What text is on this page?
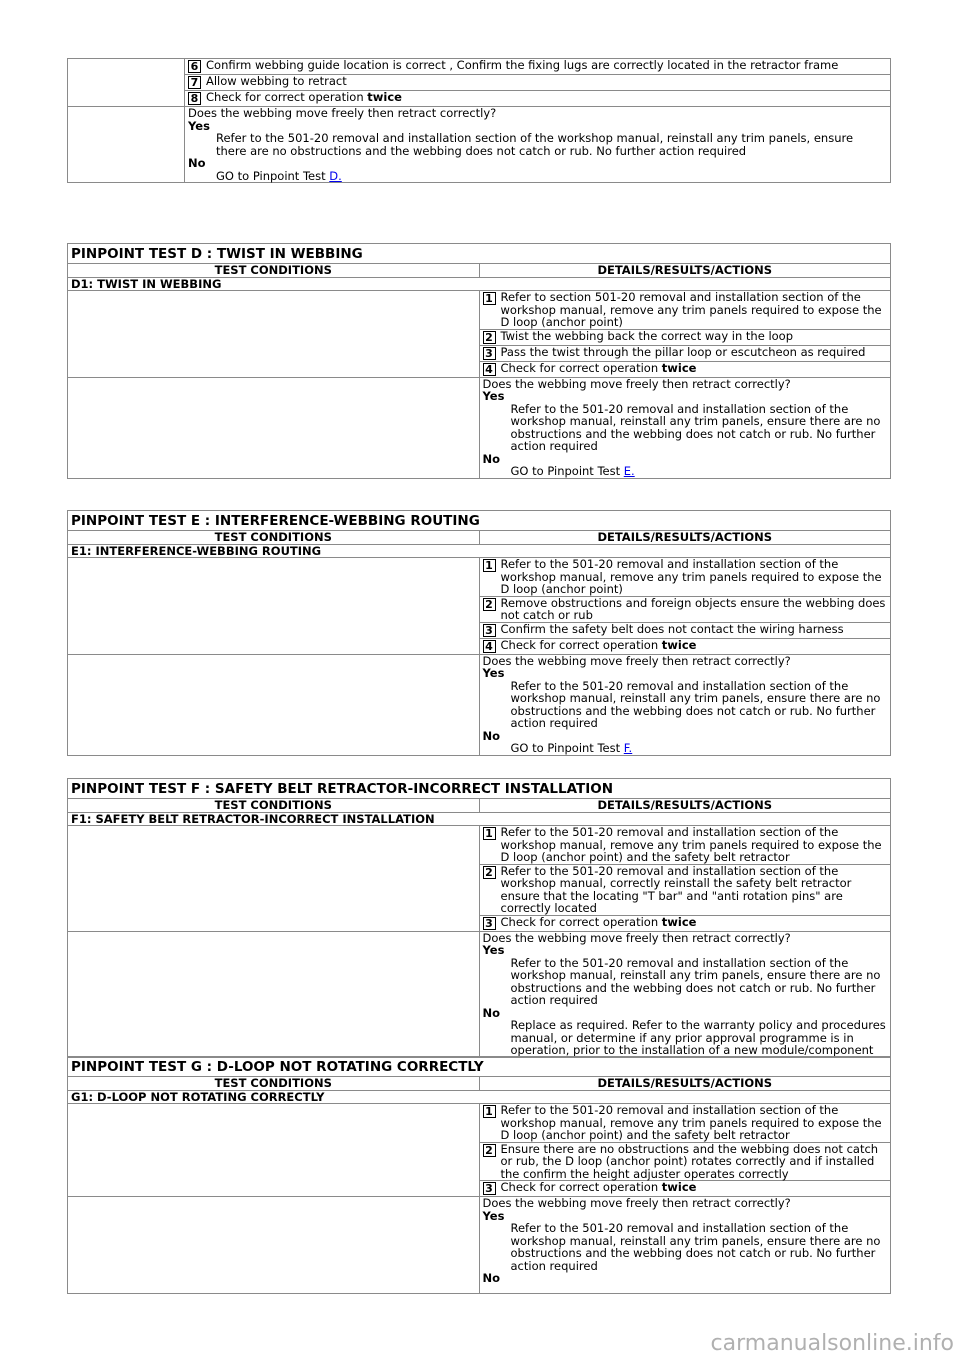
	6 Confirm webbing guide location is correct , Confirm the fixing lugs are correctly located in the retractor frame

	7 Allow webbing to retract

	8 Check for correct operation twice

	Does the webbing move freely then retract correctly?
Yes
Refer to the 501-20 removal and installation section of the workshop manual, reinstall any trim panels, ensure there are no obstructions and the webbing does not catch or rub. No further action required
No
GO to Pinpoint Test D.
PINPOINT TEST D : TWIST IN WEBBING	
TEST CONDITIONS	DETAILS/RESULTS/ACTIONS
D1: TWIST IN WEBBING	

	1 Refer to section 501-20 removal and installation section of the workshop manual, remove any trim panels required to expose the D loop (anchor point)

	2 Twist the webbing back the correct way in the loop

	3 Pass the twist through the pillar loop or escutcheon as required

	4 Check for correct operation twice

	Does the webbing move freely then retract correctly?
Yes
Refer to the 501-20 removal and installation section of the workshop manual, reinstall any trim panels, ensure there are no obstructions and the webbing does not catch or rub. No further action required
No
GO to Pinpoint Test E.
PINPOINT TEST E : INTERFERENCE-WEBBING ROUTING	
TEST CONDITIONS	DETAILS/RESULTS/ACTIONS
E1: INTERFERENCE-WEBBING ROUTING	

	1 Refer to the 501-20 removal and installation section of the workshop manual, remove any trim panels required to expose the D loop (anchor point)

	2 Remove obstructions and foreign objects ensure the webbing does not catch or rub

	3 Confirm the safety belt does not contact the wiring harness

	4 Check for correct operation twice

	Does the webbing move freely then retract correctly?
Yes
Refer to the 501-20 removal and installation section of the workshop manual, reinstall any trim panels, ensure there are no obstructions and the webbing does not catch or rub. No further action required
No
GO to Pinpoint Test F.
PINPOINT TEST F : SAFETY BELT RETRACTOR-INCORRECT INSTALLATION	
TEST CONDITIONS	DETAILS/RESULTS/ACTIONS
F1: SAFETY BELT RETRACTOR-INCORRECT INSTALLATION	

	1 Refer to the 501-20 removal and installation section of the workshop manual, remove any trim panels required to expose the D loop (anchor point) and the safety belt retractor

	2 Refer to the 501-20 removal and installation section of the workshop manual, correctly reinstall the safety belt retractor ensure that the locating "T bar" and "anti rotation pins" are correctly located

	3 Check for correct operation twice

	Does the webbing move freely then retract correctly?
Yes
Refer to the 501-20 removal and installation section of the workshop manual, reinstall any trim panels, ensure there are no obstructions and the webbing does not catch or rub. No further action required
No
Replace as required. Refer to the warranty policy and procedures manual, or determine if any prior approval programme is in operation, prior to the installation of a new module/component
PINPOINT TEST G : D-LOOP NOT ROTATING CORRECTLY	
TEST CONDITIONS	DETAILS/RESULTS/ACTIONS
G1: D-LOOP NOT ROTATING CORRECTLY	

	1 Refer to the 501-20 removal and installation section of the workshop manual, remove any trim panels required to expose the D loop (anchor point) and the safety belt retractor

	2 Ensure there are no obstructions and the webbing does not catch or rub, the D loop (anchor point) rotates correctly and if installed the confirm the height adjuster operates correctly

	3 Check for correct operation twice

	Does the webbing move freely then retract correctly?
Yes
Refer to the 501-20 removal and installation section of the workshop manual, reinstall any trim panels, ensure there are no obstructions and the webbing does not catch or rub. No further action required
No
carmanualsonline.info
